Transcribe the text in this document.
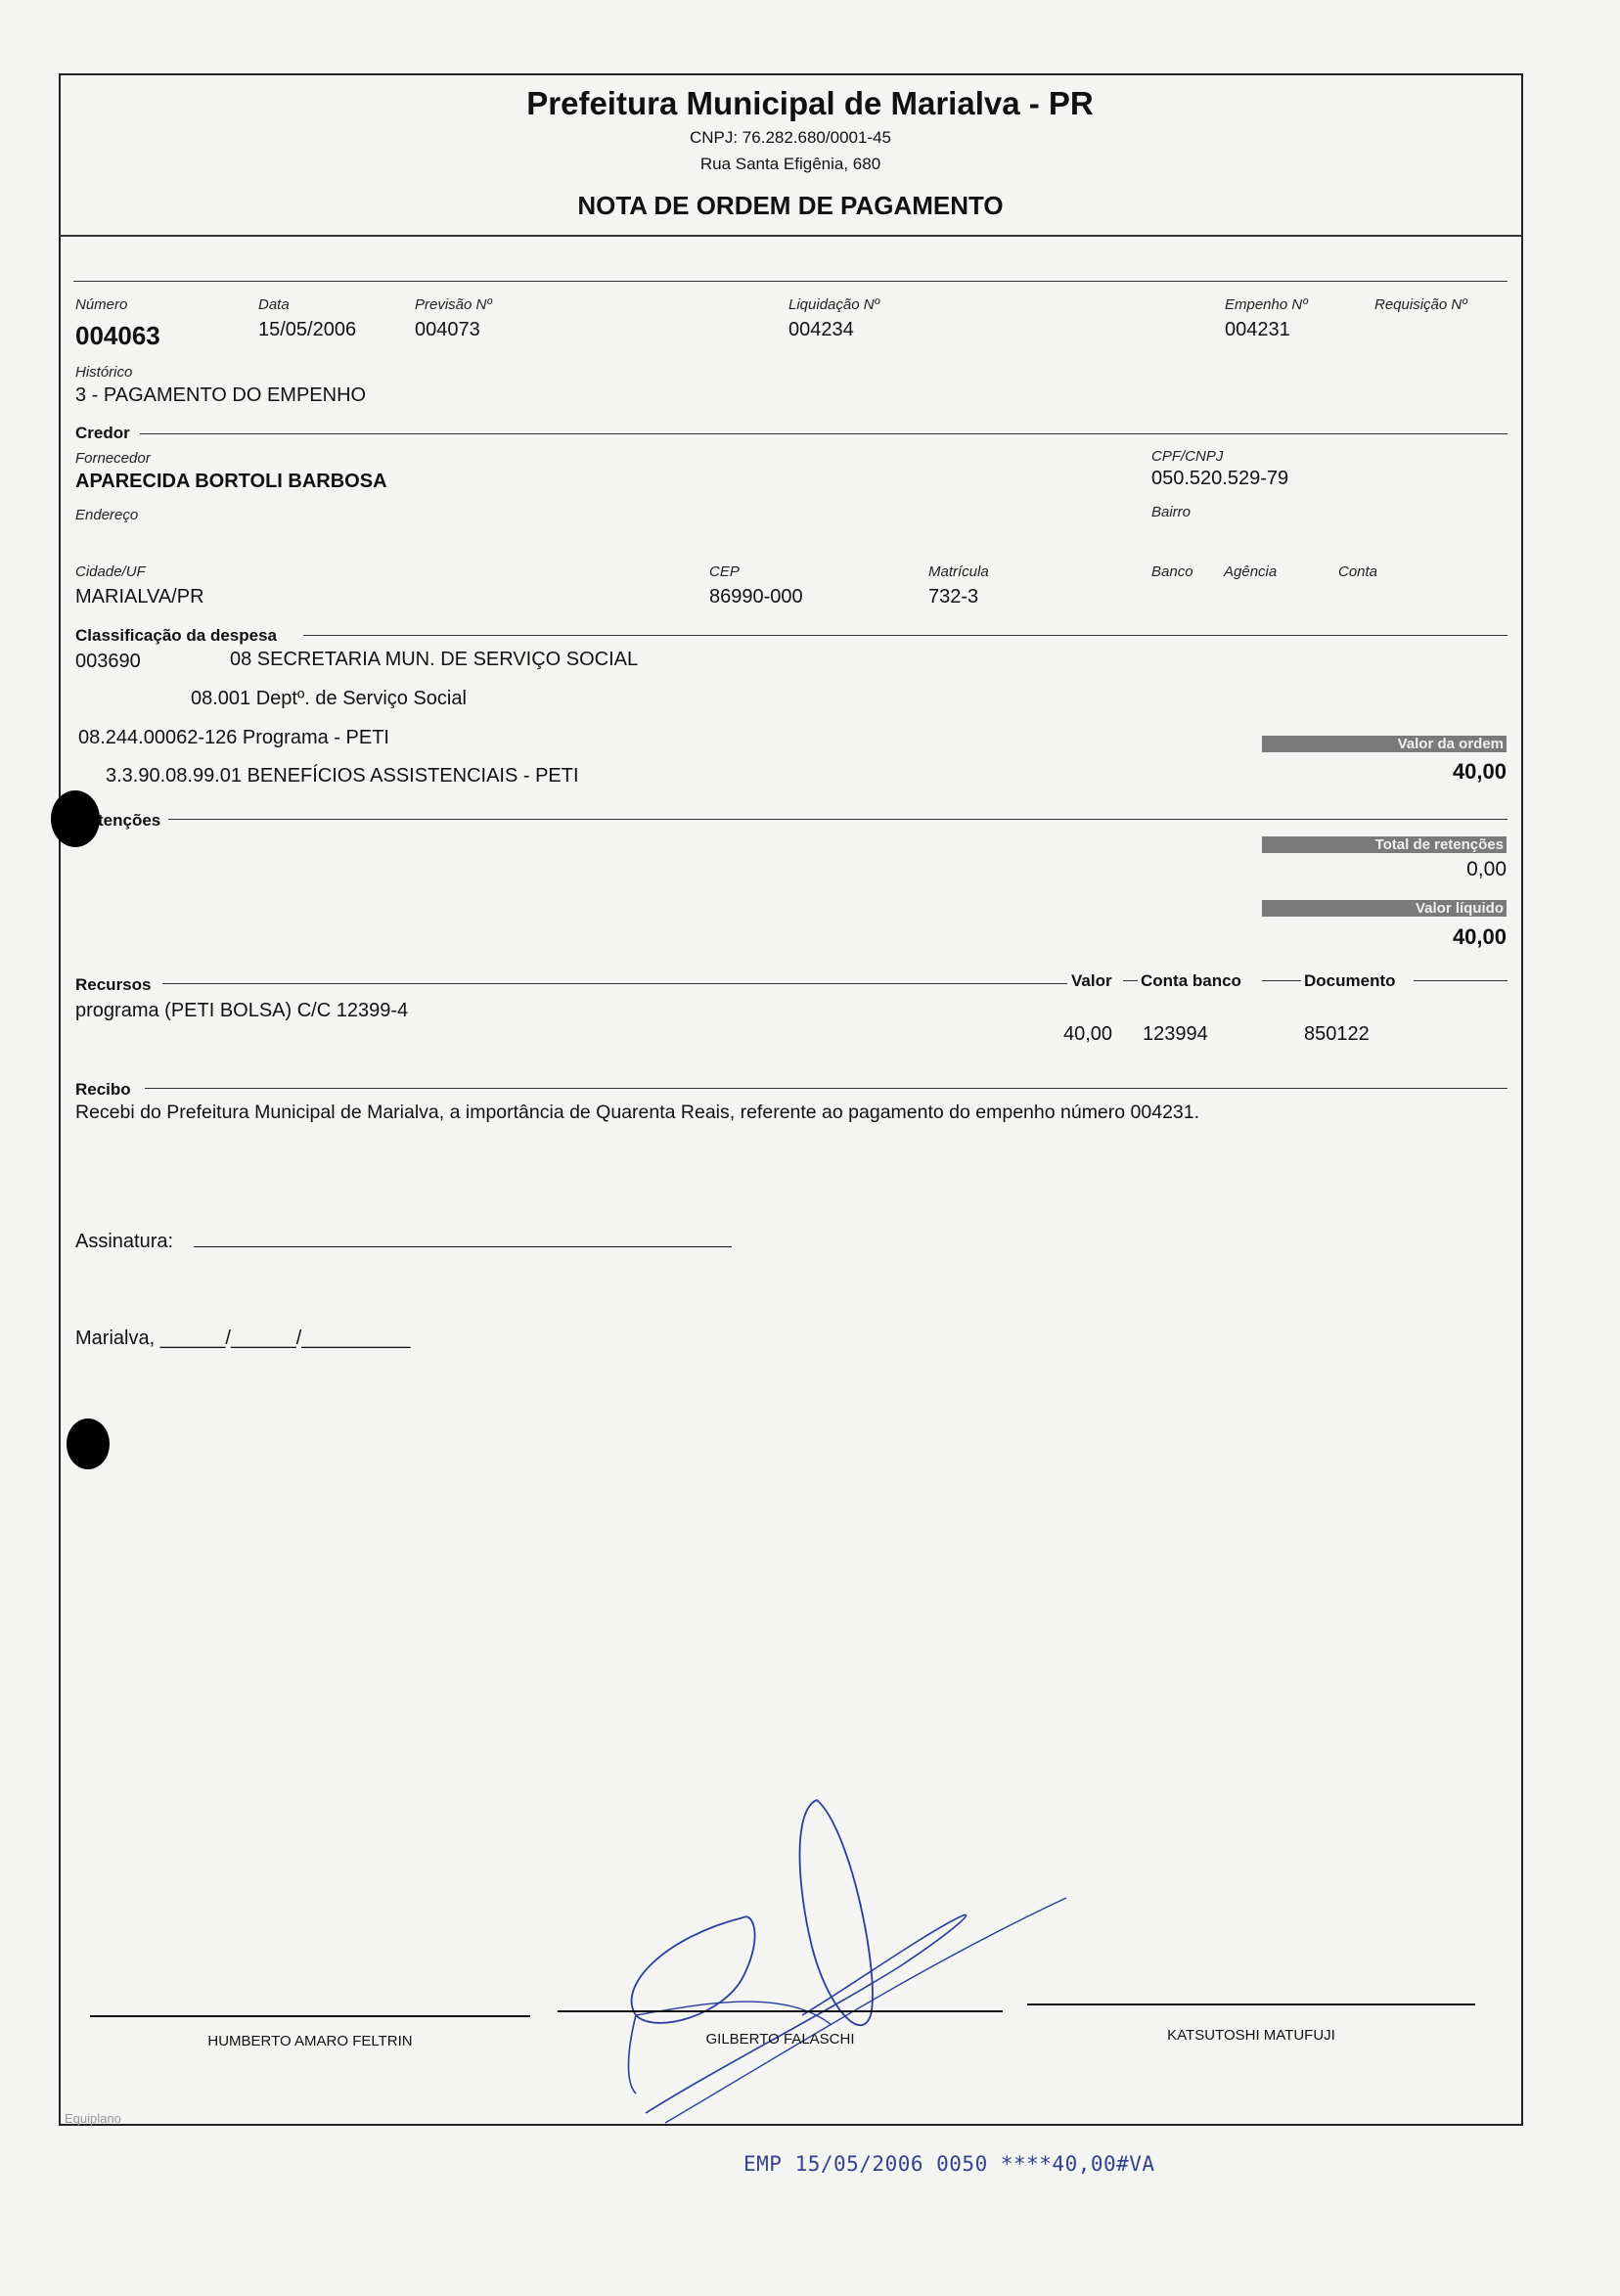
Prefeitura Municipal de Marialva - PR
CNPJ: 76.282.680/0001-45
Rua Santa Efigênia, 680
NOTA DE ORDEM DE PAGAMENTO
Número	Data	Previsão Nº	Liquidação Nº	Empenho Nº	Requisição Nº
004063	15/05/2006	004073	004234	004231
Histórico
3 - PAGAMENTO DO EMPENHO
Credor
Fornecedor
APARECIDA BORTOLI BARBOSA
CPF/CNPJ
050.520.529-79
Endereço	Bairro
Cidade/UF
MARIALVA/PR
CEP
86990-000
Matrícula
732-3
Banco Agência	Conta
Classificação da despesa
003690	08 SECRETARIA MUN. DE SERVIÇO SOCIAL
08.001 Deptº. de Serviço Social
08.244.00062-126 Programa - PETI
3.3.90.08.99.01 BENEFÍCIOS ASSISTENCIAIS - PETI
Valor da ordem
40,00
tenções
Total de retenções
0,00
Valor líquido
40,00
Recursos	Valor Conta banco	Documento
programa (PETI BOLSA) C/C 12399-4
40,00 123994	850122
Recibo
Recebi do Prefeitura Municipal de Marialva, a importância de Quarenta Reais, referente ao pagamento do empenho número 004231.
Assinatura:
Marialva, ______/______/__________
HUMBERTO AMARO FELTRIN	GILBERTO FALASCHI	KATSUTOSHI MATUFUJI
Equiplano
EMP 15/05/2006 0050 ****40,00#VA
